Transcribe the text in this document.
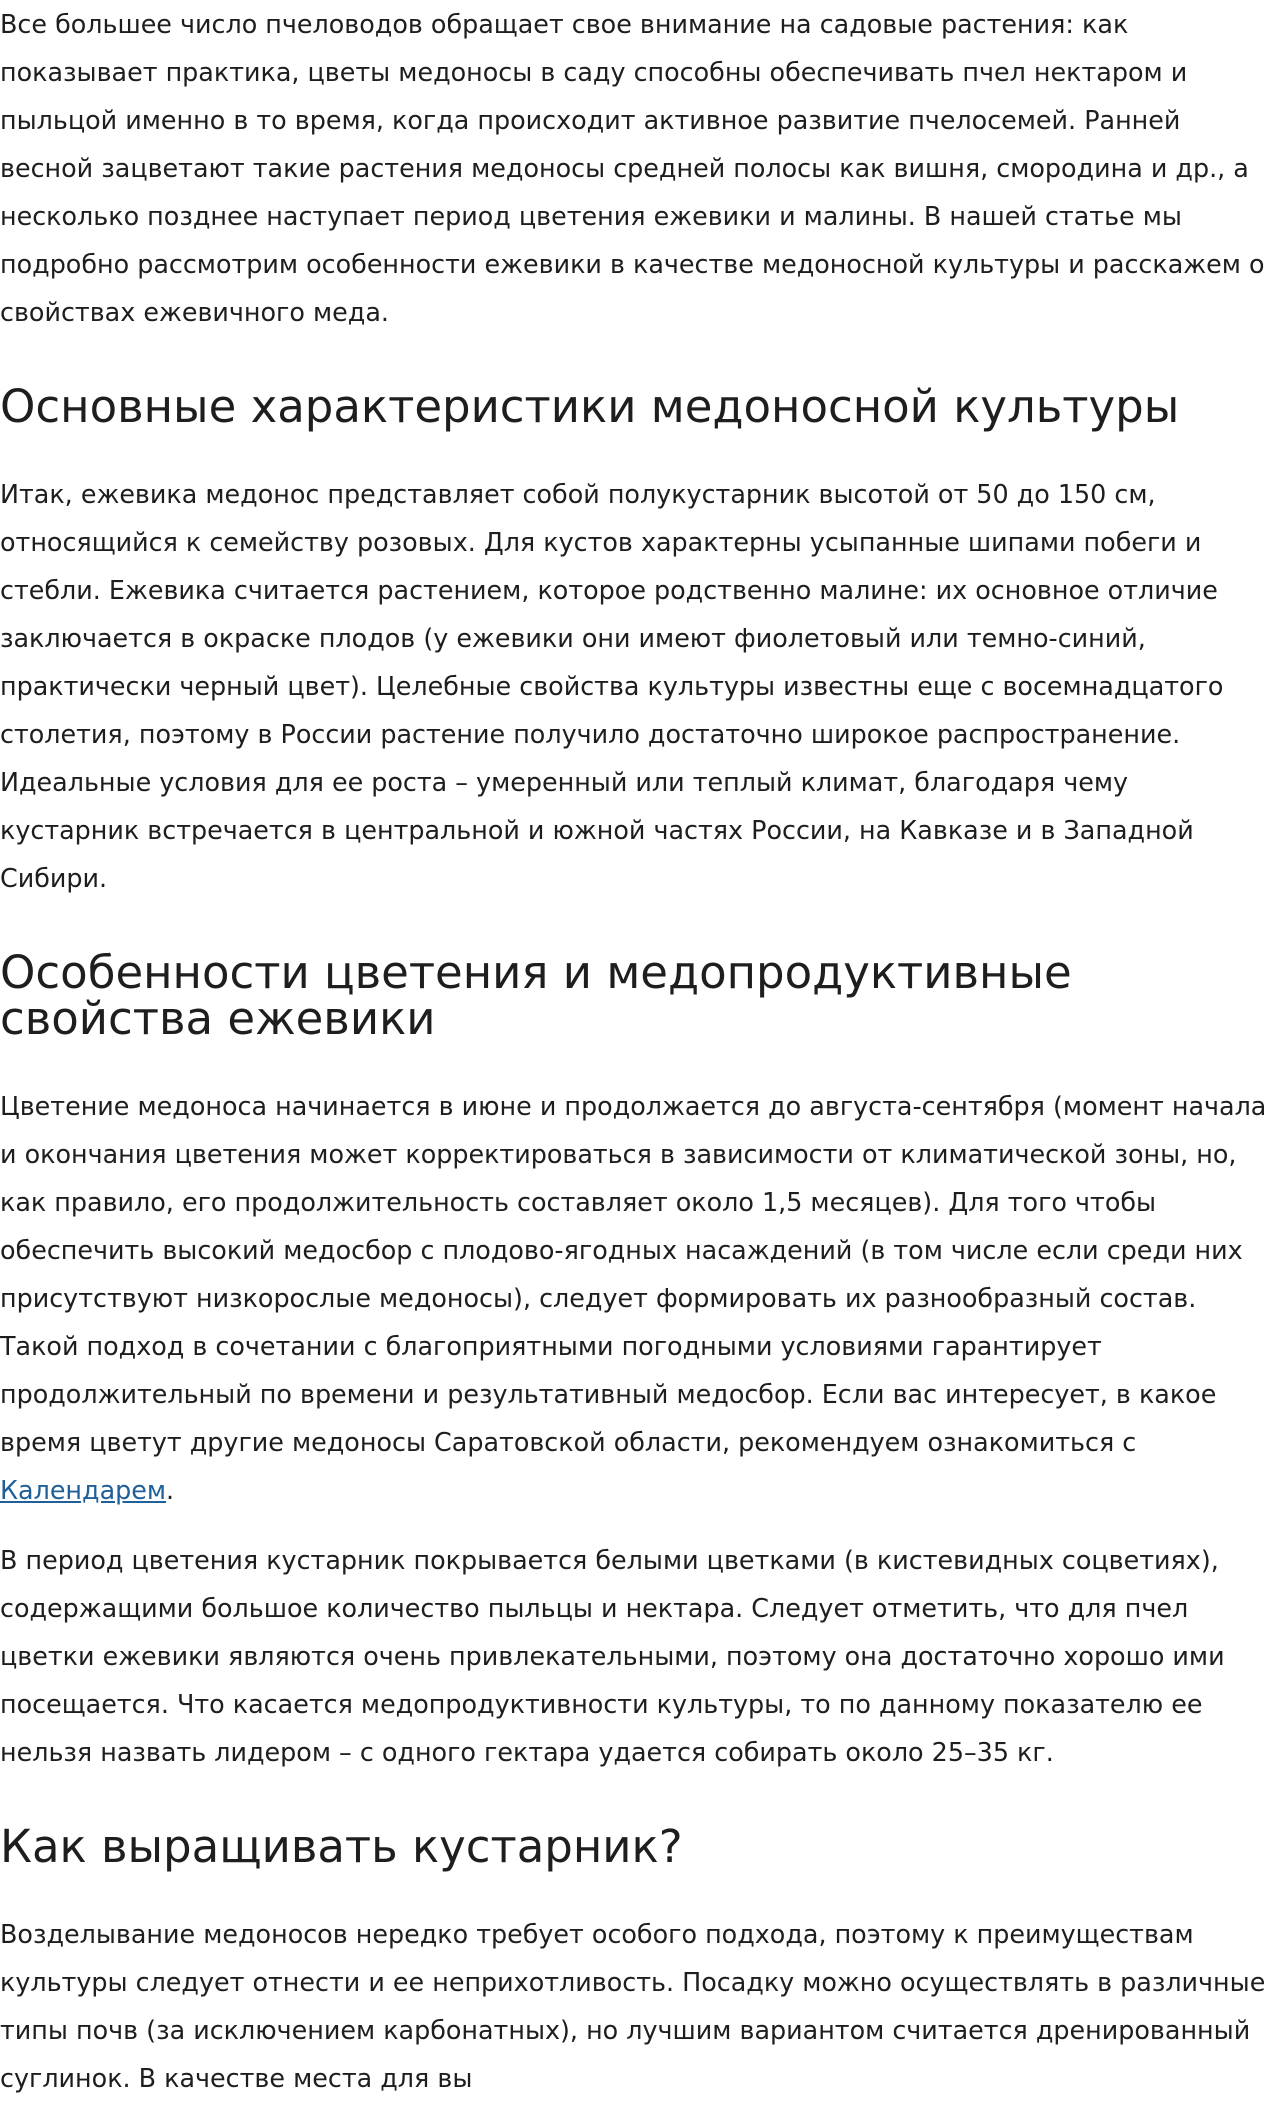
Все большее число пчеловодов обращает свое внимание на садовые растения: как показывает практика, цветы медоносы в саду способны обеспечивать пчел нектаром и пыльцой именно в то время, когда происходит активное развитие пчелосемей. Ранней весной зацветают такие растения медоносы средней полосы как вишня, смородина и др., а несколько позднее наступает период цветения ежевики и малины. В нашей статье мы подробно рассмотрим особенности ежевики в качестве медоносной культуры и расскажем о свойствах ежевичного меда.

Основные характеристики медоносной культуры

Итак, ежевика медонос представляет собой полукустарник высотой от 50 до 150 см, относящийся к семейству розовых. Для кустов характерны усыпанные шипами побеги и стебли. Ежевика считается растением, которое родственно малине: их основное отличие заключается в окраске плодов (у ежевики они имеют фиолетовый или темно-синий, практически черный цвет). Целебные свойства культуры известны еще с восемнадцатого столетия, поэтому в России растение получило достаточно широкое распространение. Идеальные условия для ее роста – умеренный или теплый климат, благодаря чему кустарник встречается в центральной и южной частях России, на Кавказе и в Западной Сибири.

Особенности цветения и медопродуктивные свойства ежевики

Цветение медоноса начинается в июне и продолжается до августа-сентября (момент начала и окончания цветения может корректироваться в зависимости от климатической зоны, но, как правило, его продолжительность составляет около 1,5 месяцев). Для того чтобы обеспечить высокий медосбор с плодово-ягодных насаждений (в том числе если среди них присутствуют низкорослые медоносы), следует формировать их разнообразный состав. Такой подход в сочетании с благоприятными погодными условиями гарантирует продолжительный по времени и результативный медосбор. Если вас интересует, в какое время цветут другие медоносы Саратовской области, рекомендуем ознакомиться с Календарем.

В период цветения кустарник покрывается белыми цветками (в кистевидных соцветиях), содержащими большое количество пыльцы и нектара. Следует отметить, что для пчел цветки ежевики являются очень привлекательными, поэтому она достаточно хорошо ими посещается. Что касается медопродуктивности культуры, то по данному показателю ее нельзя назвать лидером – с одного гектара удается собирать около 25–35 кг.

Как выращивать кустарник?

Возделывание медоносов нередко требует особого подхода, поэтому к преимуществам культуры следует отнести и ее неприхотливость. Посадку можно осуществлять в различные типы почв (за исключением карбонатных), но лучшим вариантом считается дренированный суглинок. В качестве места для вы
